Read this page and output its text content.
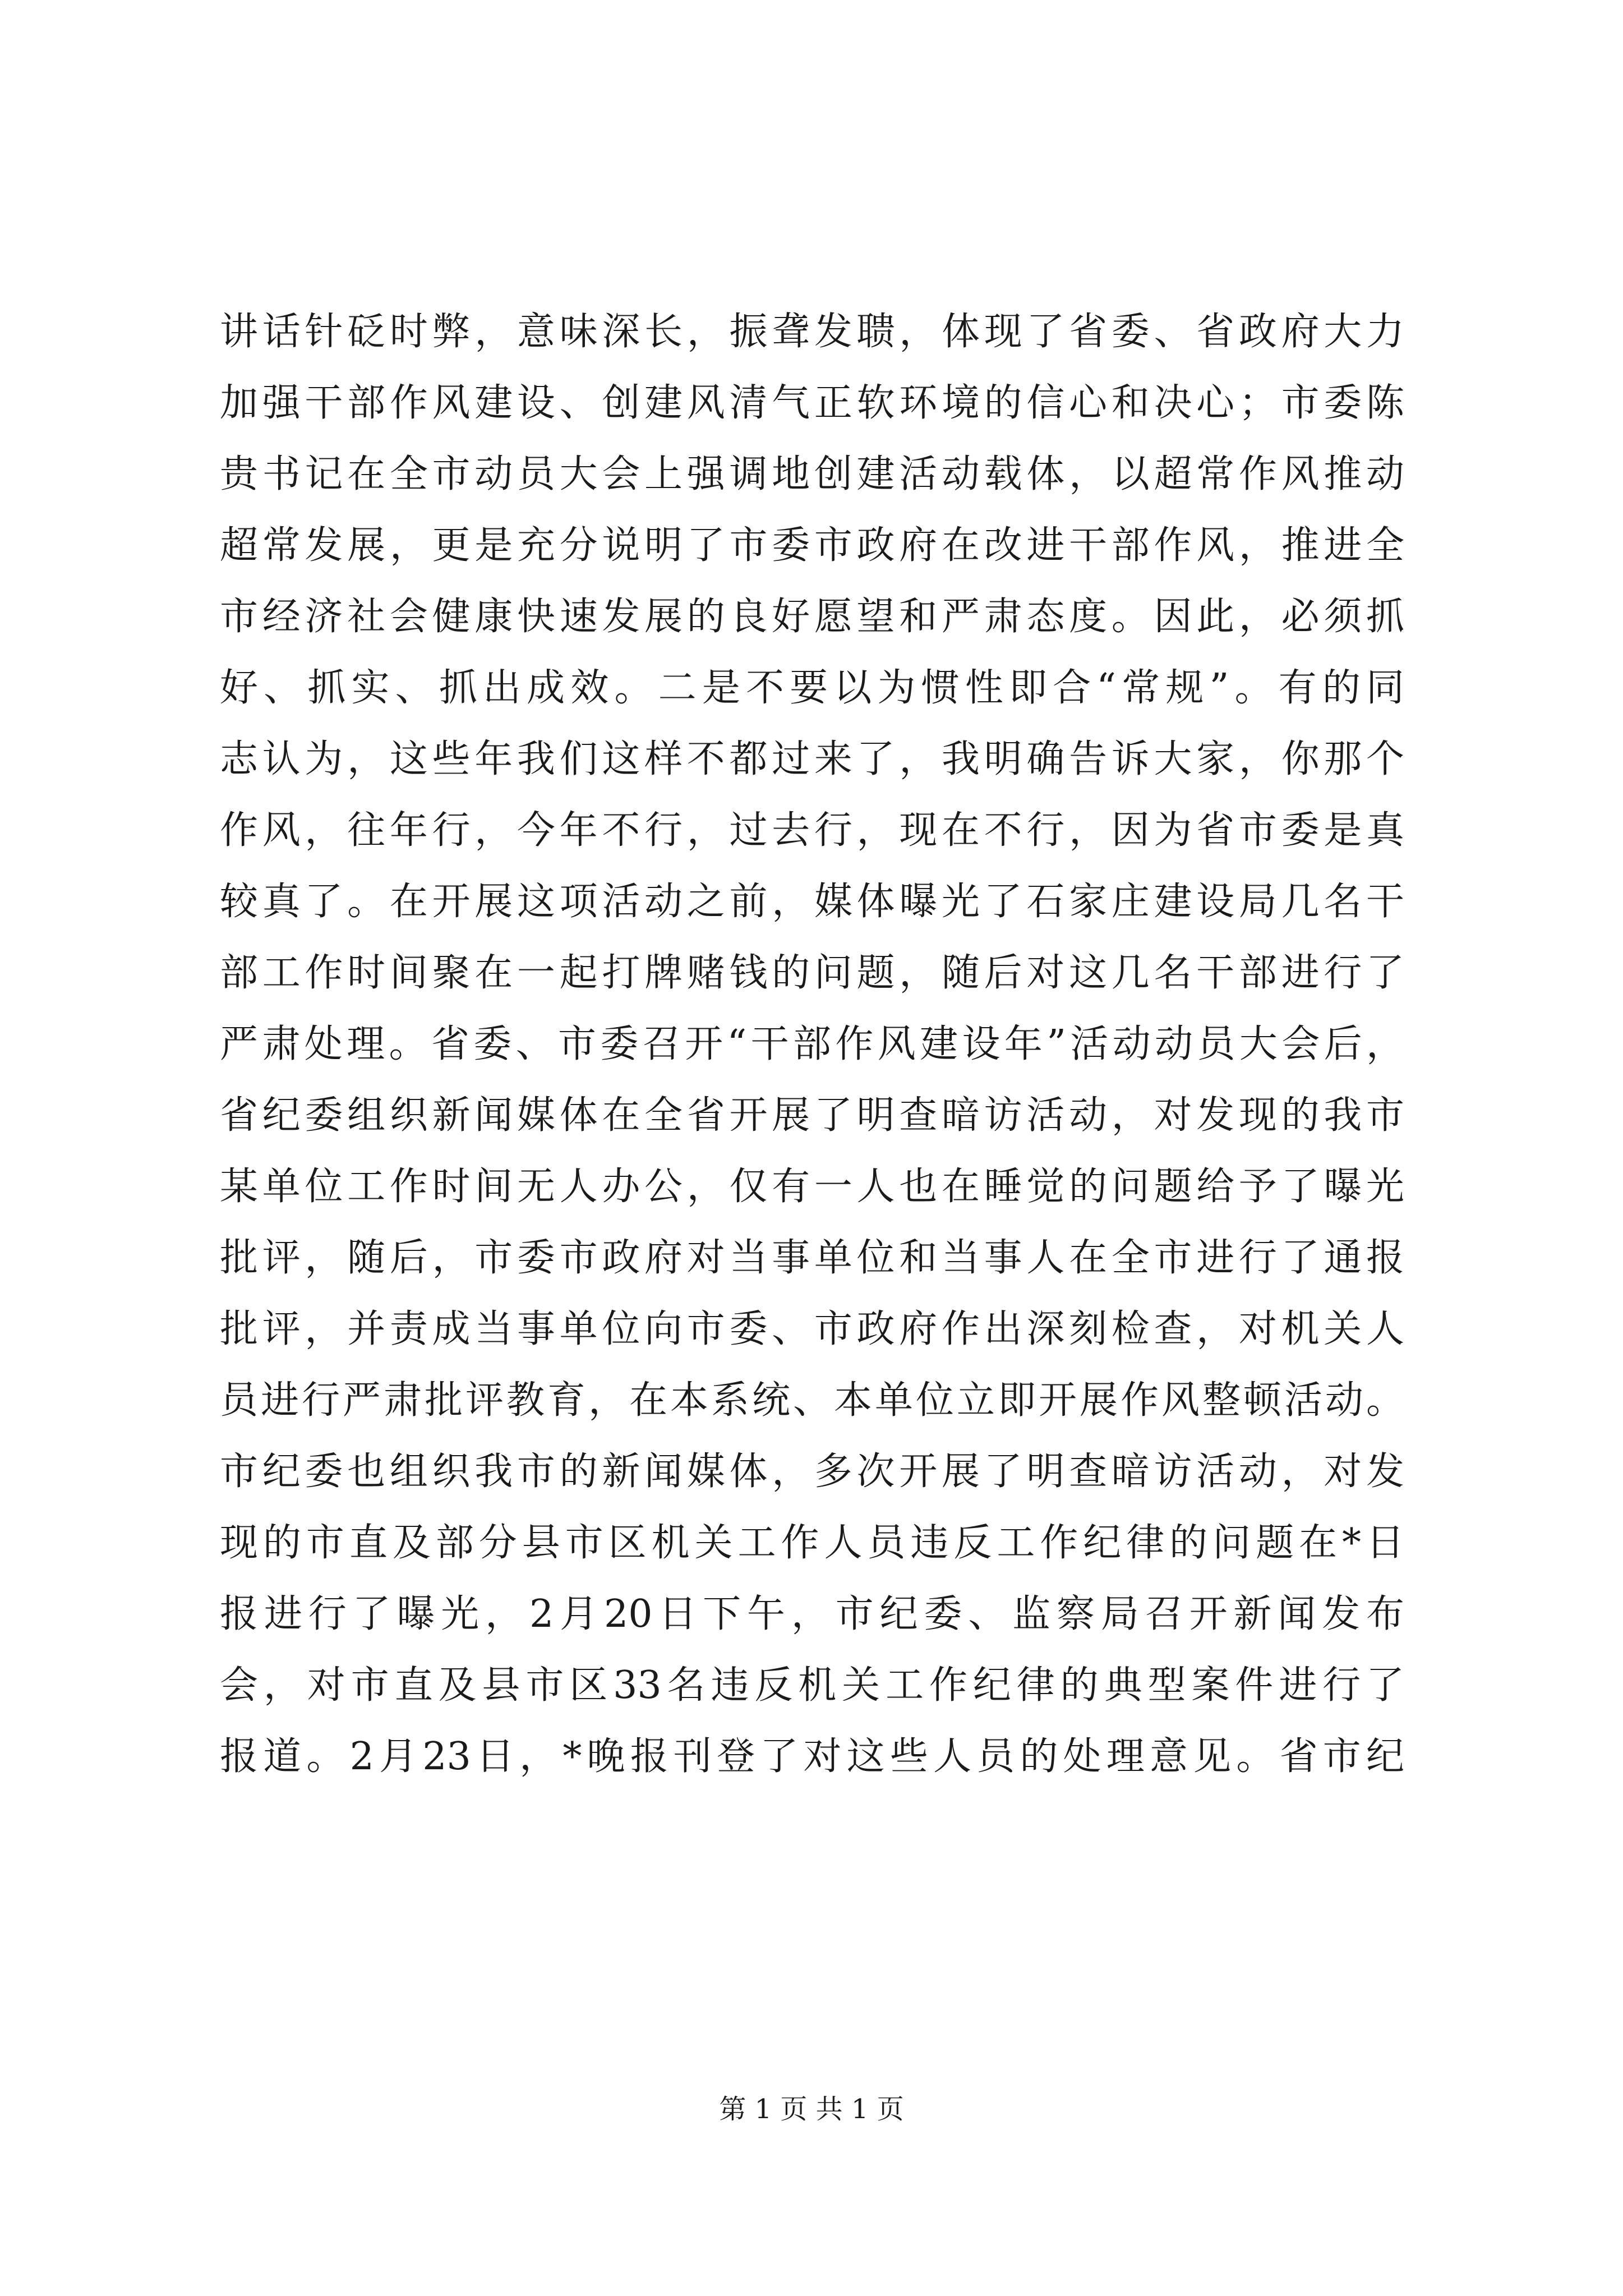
讲话针砭时弊，意味深长，振聋发聩，体现了省委、省政府大力
加强干部作风建设、创建风清气正软环境的信心和决心；市委陈
贵书记在全市动员大会上强调地创建活动载体，以超常作风推动
超常发展，更是充分说明了市委市政府在改进干部作风，推进全
市经济社会健康快速发展的良好愿望和严肃态度。因此，必须抓
好、抓实、抓出成效。二是不要以为惯性即合“常规”。有的同
志认为，这些年我们这样不都过来了，我明确告诉大家，你那个
作风，往年行，今年不行，过去行，现在不行，因为省市委是真
较真了。在开展这项活动之前，媒体曝光了石家庄建设局几名干
部工作时间聚在一起打牌赌钱的问题，随后对这几名干部进行了
严肃处理。省委、市委召开“干部作风建设年”活动动员大会后，
省纪委组织新闻媒体在全省开展了明查暗访活动，对发现的我市
某单位工作时间无人办公，仅有一人也在睡觉的问题给予了曝光
批评，随后，市委市政府对当事单位和当事人在全市进行了通报
批评，并责成当事单位向市委、市政府作出深刻检查，对机关人
员进行严肃批评教育，在本系统、本单位立即开展作风整顿活动。
市纪委也组织我市的新闻媒体，多次开展了明查暗访活动，对发
现的市直及部分县市区机关工作人员违反工作纪律的问题在*日
报进行了曝光，2月20日下午，市纪委、监察局召开新闻发布
会，对市直及县市区33名违反机关工作纪律的典型案件进行了
报道。2月23日，*晚报刊登了对这些人员的处理意见。省市纪
第 1 页 共 1 页
